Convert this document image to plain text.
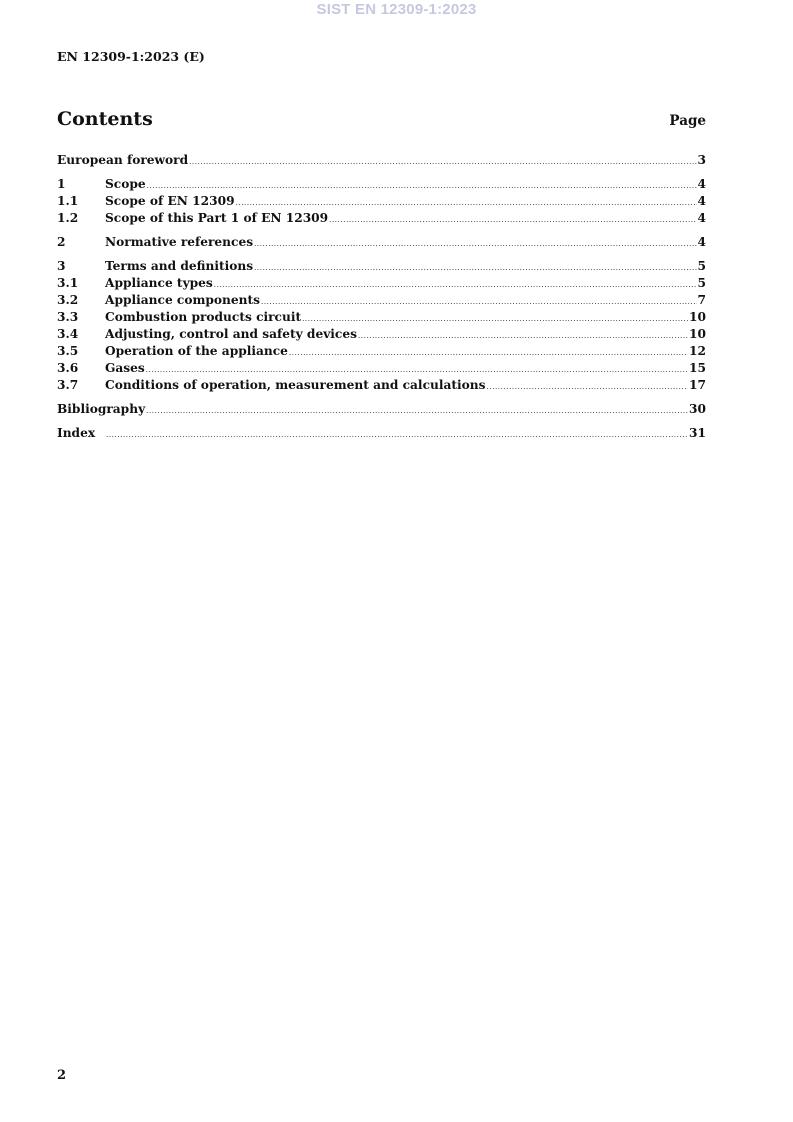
SIST EN 12309-1:2023
EN 12309-1:2023 (E)
Contents	Page
European foreword .....	3
1	Scope .....	4
1.1	Scope of EN 12309 .....	4
1.2	Scope of this Part 1 of EN 12309 .....	4
2	Normative references .....	4
3	Terms and definitions .....	5
3.1	Appliance types .....	5
3.2	Appliance components .....	7
3.3	Combustion products circuit .....	10
3.4	Adjusting, control and safety devices .....	10
3.5	Operation of the appliance .....	12
3.6	Gases .....	15
3.7	Conditions of operation, measurement and calculations .....	17
Bibliography .....	30
Index .....	31
2
